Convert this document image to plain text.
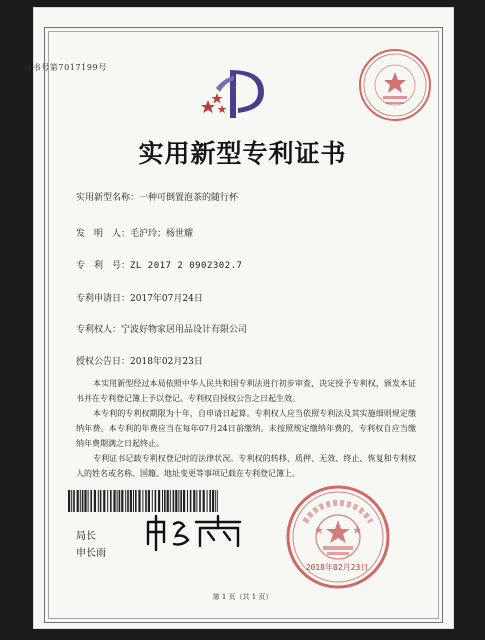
证书号第7017199号
实用新型专利证书
实用新型名称：一种可倒置泡茶的随行杯
发　明　人：毛沪玲；杨世耀
专　利　号：ZL 2017 2 0902302.7
专利申请日：2017年07月24日
专利权人：宁波好物家居用品设计有限公司
授权公告日：2018年02月23日
本实用新型经过本局依照中华人民共和国专利法进行初步审查，决定授予专利权，颁发本证书并在专利登记簿上予以登记。专利权自授权公告之日起生效。
本专利的专利权期限为十年，自申请日起算。专利权人应当依照专利法及其实施细则规定缴纳年费。本专利的年费应当在每年07月24日前缴纳。未按照规定缴纳年费的，专利权自应当缴纳年费期满之日起终止。
专利证书记载专利权登记时的法律状况。专利权的转移、质押、无效、终止、恢复和专利权人的姓名或名称、国籍、地址变更等事项记载在专利登记簿上。
局长
申长雨
2018年02月23日
第 1 页（共 1 页）
